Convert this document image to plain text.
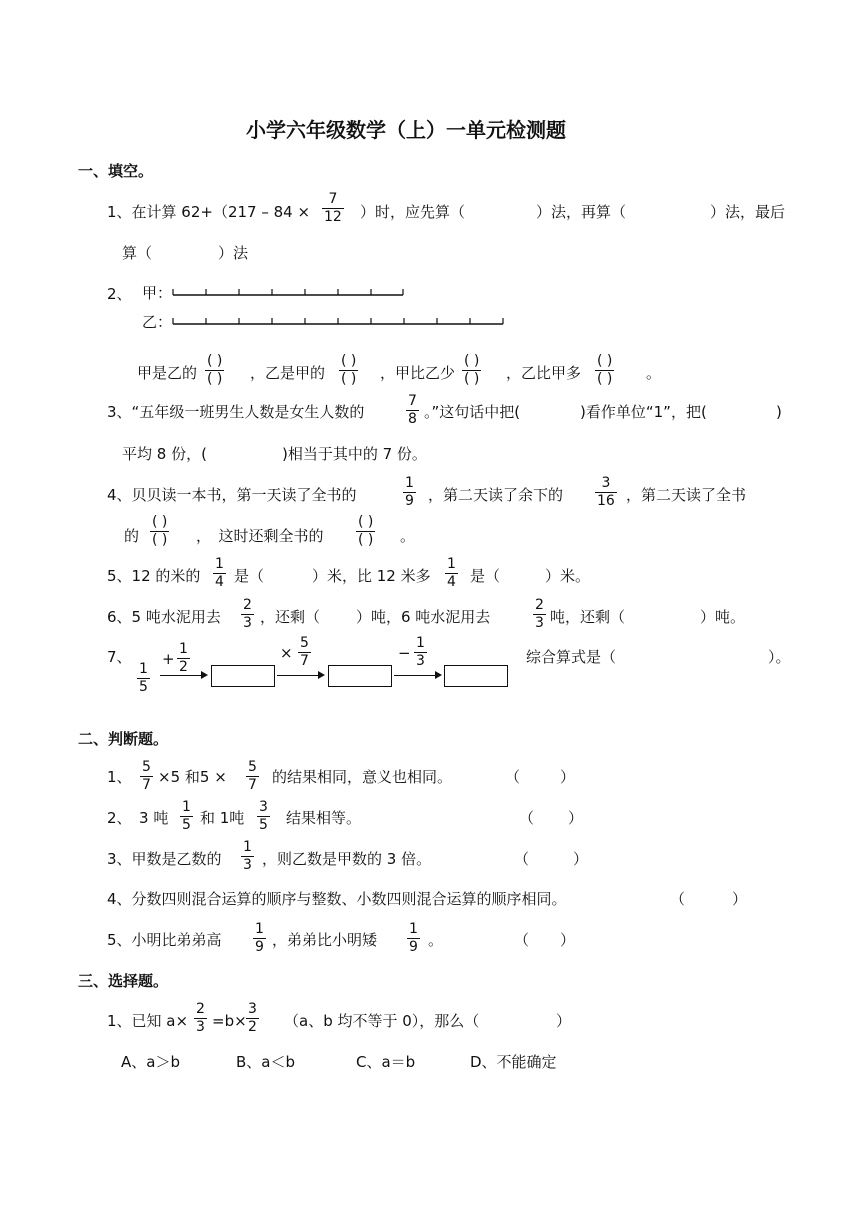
小学六年级数学（上）一单元检测题
一、填空。
1、在计算 62+（217 – 84 ×
7
12 ）时，应先算（	）法，再算（	）法，最后
算（	）法
2、 甲：
乙：
甲是乙的
( )
( ) ，乙是甲的
( )
( ) ，甲比乙少
( )
( ) ，乙比甲多
( )
( ) 。
3、“五年级一班男生人数是女生人数的
7
8 。”这句话中把(	)看作单位“1”，把(	)
平均 8 份，(	)相当于其中的 7 份。
4、贝贝读一本书，第一天读了全书的
1
9 ，第二天读了余下的
3
16 ，第二天读了全书
的
( )
( ) ，　这时还剩全书的
( )
( ) 。
5、12 的米的
1
4 是（	）米，比 12 米多
1
4 是（	）米。
6、5 吨水泥用去
2
3 ，还剩（ ）吨，6 吨水泥用去
2
3 吨，还剩（	）吨。
7、
1
5
+
1
2
×
5
7	−
1
3	综合算式是（	）。
二、判断题。
1、
5
7 ×5 和5 ×
5
7 的结果相同，意义也相同。	（	）
2、　3 吨
1
5 和 1吨
3
5 结果相等。	（ ）
3、甲数是乙数的
1
3 ，则乙数是甲数的 3 倍。	（	）
4、分数四则混合运算的顺序与整数、小数四则混合运算的顺序相同。	（	）
5、小明比弟弟高
1
9 ，弟弟比小明矮
1
9 。	（ ）
三、选择题。
1、已知 a×
2
3 =b×
3
2 （a、b 均不等于 0），那么（	）
A、a＞b	B、a＜b	C、a＝b	D、不能确定
